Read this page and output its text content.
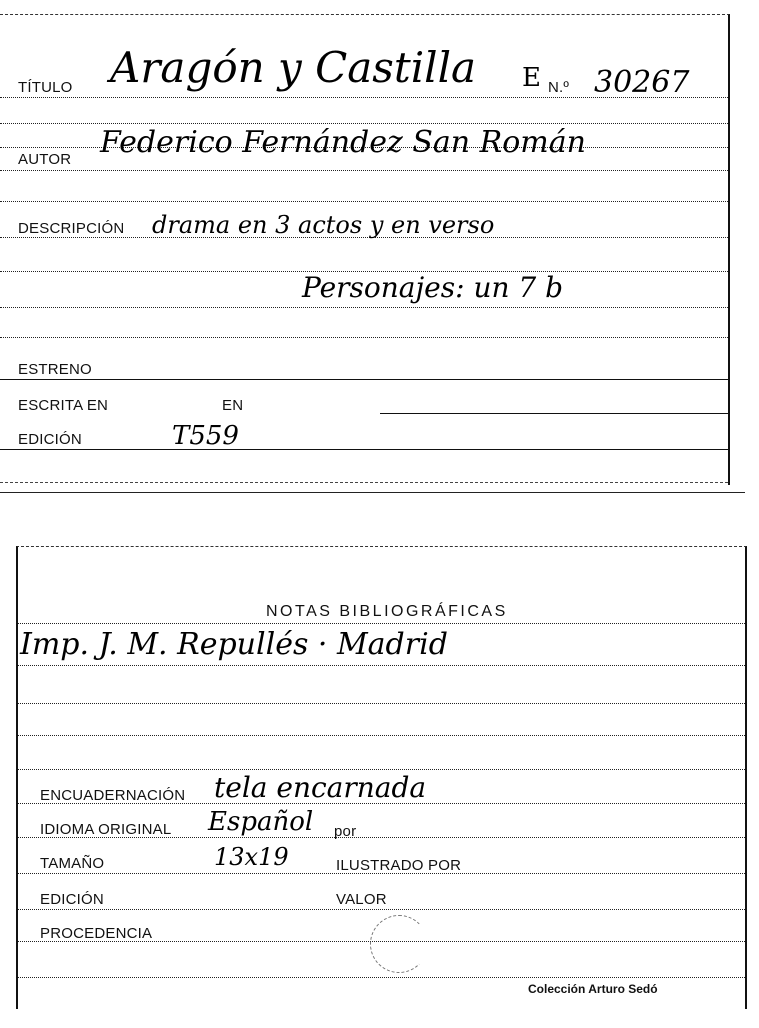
TÍTULO Aragón y Castilla E N.º 30267
AUTOR Federico Fernández San Román
DESCRIPCIÓN drama en 3 actos y en verso
Personajes: un 7 b
ESTRENO
ESCRITA EN	EN
EDICIÓN	T559
NOTAS BIBLIOGRÁFICAS
Imp. J. M. Repullés · Madrid
ENCUADERNACIÓN tela encarnada
IDIOMA ORIGINAL Español por
TAMAÑO	13x19	ILUSTRADO POR
EDICIÓN	VALOR
PROCEDENCIA
Colección Arturo Sedó
